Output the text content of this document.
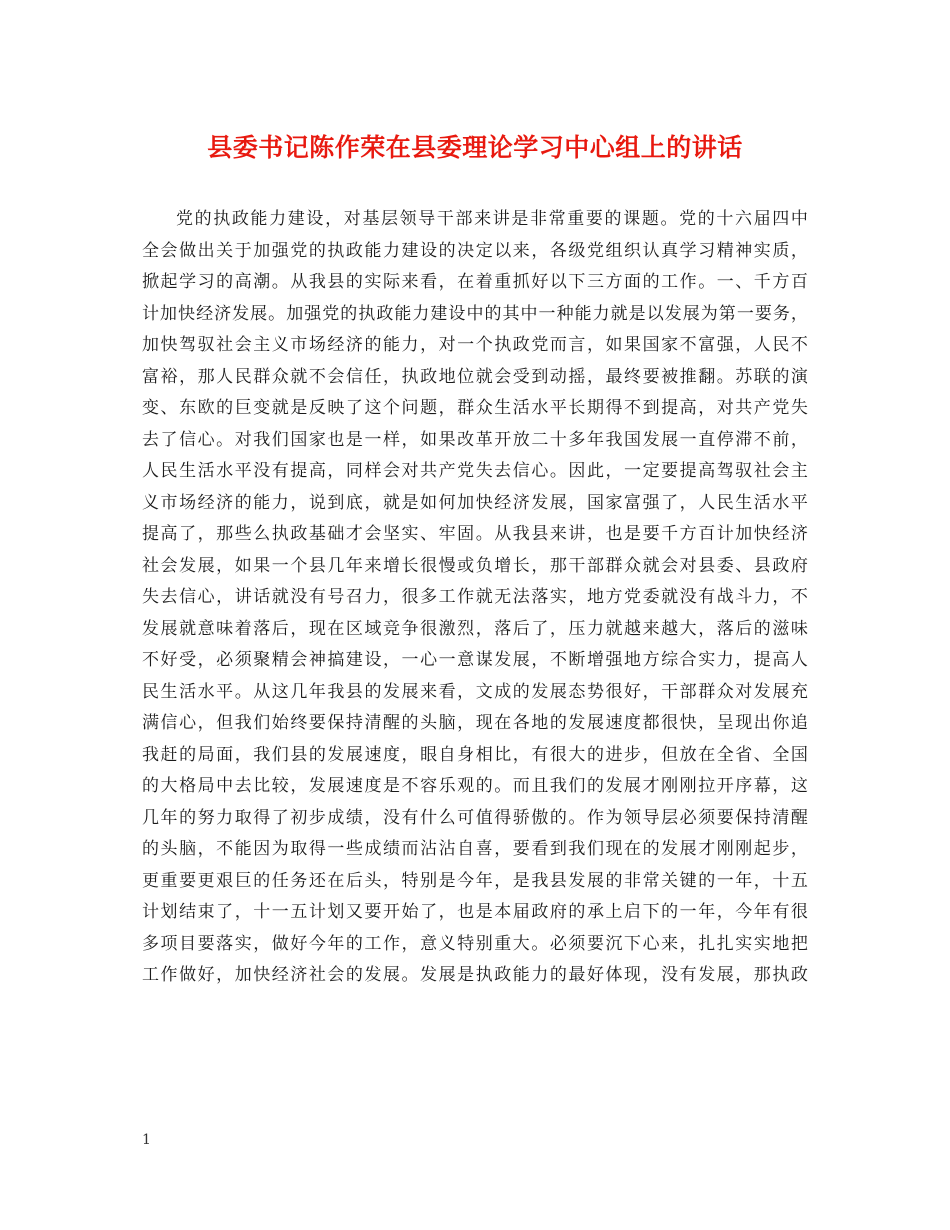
县委书记陈作荣在县委理论学习中心组上的讲话
党的执政能力建设，对基层领导干部来讲是非常重要的课题。党的十六届四中
全会做出关于加强党的执政能力建设的决定以来，各级党组织认真学习精神实质，
掀起学习的高潮。从我县的实际来看，在着重抓好以下三方面的工作。一、千方百
计加快经济发展。加强党的执政能力建设中的其中一种能力就是以发展为第一要务，
加快驾驭社会主义市场经济的能力，对一个执政党而言，如果国家不富强，人民不
富裕，那人民群众就不会信任，执政地位就会受到动摇，最终要被推翻。苏联的演
变、东欧的巨变就是反映了这个问题，群众生活水平长期得不到提高，对共产党失
去了信心。对我们国家也是一样，如果改革开放二十多年我国发展一直停滞不前，
人民生活水平没有提高，同样会对共产党失去信心。因此，一定要提高驾驭社会主
义市场经济的能力，说到底，就是如何加快经济发展，国家富强了，人民生活水平
提高了，那些么执政基础才会坚实、牢固。从我县来讲，也是要千方百计加快经济
社会发展，如果一个县几年来增长很慢或负增长，那干部群众就会对县委、县政府
失去信心，讲话就没有号召力，很多工作就无法落实，地方党委就没有战斗力，不
发展就意味着落后，现在区域竞争很激烈，落后了，压力就越来越大，落后的滋味
不好受，必须聚精会神搞建设，一心一意谋发展，不断增强地方综合实力，提高人
民生活水平。从这几年我县的发展来看，文成的发展态势很好，干部群众对发展充
满信心，但我们始终要保持清醒的头脑，现在各地的发展速度都很快，呈现出你追
我赶的局面，我们县的发展速度，眼自身相比，有很大的进步，但放在全省、全国
的大格局中去比较，发展速度是不容乐观的。而且我们的发展才刚刚拉开序幕，这
几年的努力取得了初步成绩，没有什么可值得骄傲的。作为领导层必须要保持清醒
的头脑，不能因为取得一些成绩而沾沾自喜，要看到我们现在的发展才刚刚起步，
更重要更艰巨的任务还在后头，特别是今年，是我县发展的非常关键的一年，十五
计划结束了，十一五计划又要开始了，也是本届政府的承上启下的一年，今年有很
多项目要落实，做好今年的工作，意义特别重大。必须要沉下心来，扎扎实实地把
工作做好，加快经济社会的发展。发展是执政能力的最好体现，没有发展，那执政
1
